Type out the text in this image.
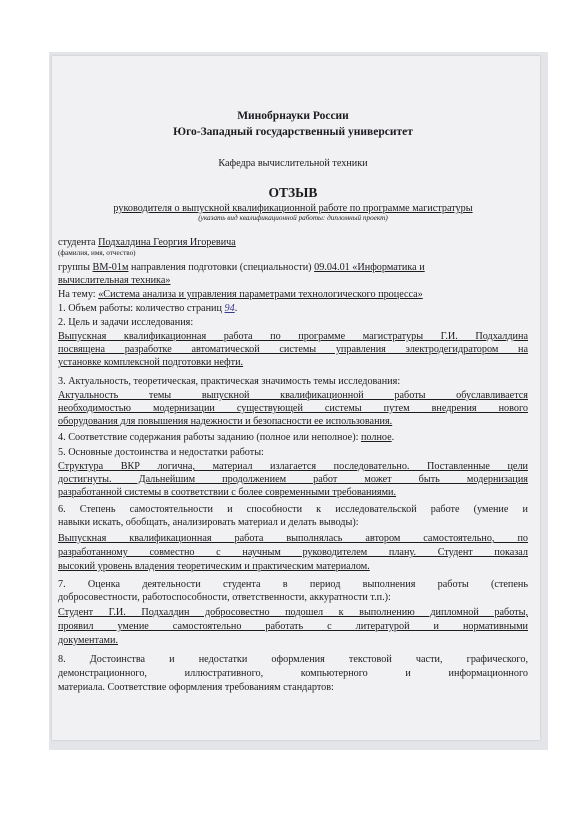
Минобрнауки России

Юго-Западный государственный университет

Кафедра вычислительной техники

ОТЗЫВ

руководителя о выпускной квалификационной работе по программе магистратуры

(указать вид квалификационной работы: дипломный проект)

студента Подхалдина Георгия Игоревича

(фамилия, имя, отчество)

группы ВМ-01м направления подготовки (специальности) 09.04.01 «Информатика и

вычислительная техника»

На тему: «Система анализа и управления параметрами технологического процесса»

1. Объем работы: количество страниц 94.

2. Цель и задачи исследования:

Выпускная квалификационная работа по программе магистратуры Г.И. Подхалдина

посвящена разработке автоматической системы управления электродегидратором на

установке комплексной подготовки нефти.

3. Актуальность, теоретическая, практическая значимость темы исследования:

Актуальность темы выпускной квалификационной работы обуславливается

необходимостью модернизации существующей системы путем внедрения нового

оборудования для повышения надежности и безопасности ее использования.

4. Соответствие содержания работы заданию (полное или неполное): полное.

5. Основные достоинства и недостатки работы:

Структура ВКР логична, материал излагается последовательно. Поставленные цели

достигнуты. Дальнейшим продолжением работ может быть модернизация

разработанной системы в соответствии с более современными требованиями.

6. Степень самостоятельности и способности к исследовательской работе (умение и

навыки искать, обобщать, анализировать материал и делать выводы):

Выпускная квалификационная работа выполнялась автором самостоятельно, по

разработанному совместно с научным руководителем плану. Студент показал

высокий уровень владения теоретическим и практическим материалом.

7. Оценка деятельности студента в период выполнения работы (степень

добросовестности, работоспособности, ответственности, аккуратности т.п.):

Студент Г.И. Подхалдин добросовестно подошел к выполнению дипломной работы,

проявил умение самостоятельно работать с литературой и нормативными

документами.

8. Достоинства и недостатки оформления текстовой части, графического,

демонстрационного, иллюстративного, компьютерного и информационного

материала. Соответствие оформления требованиям стандартов:
